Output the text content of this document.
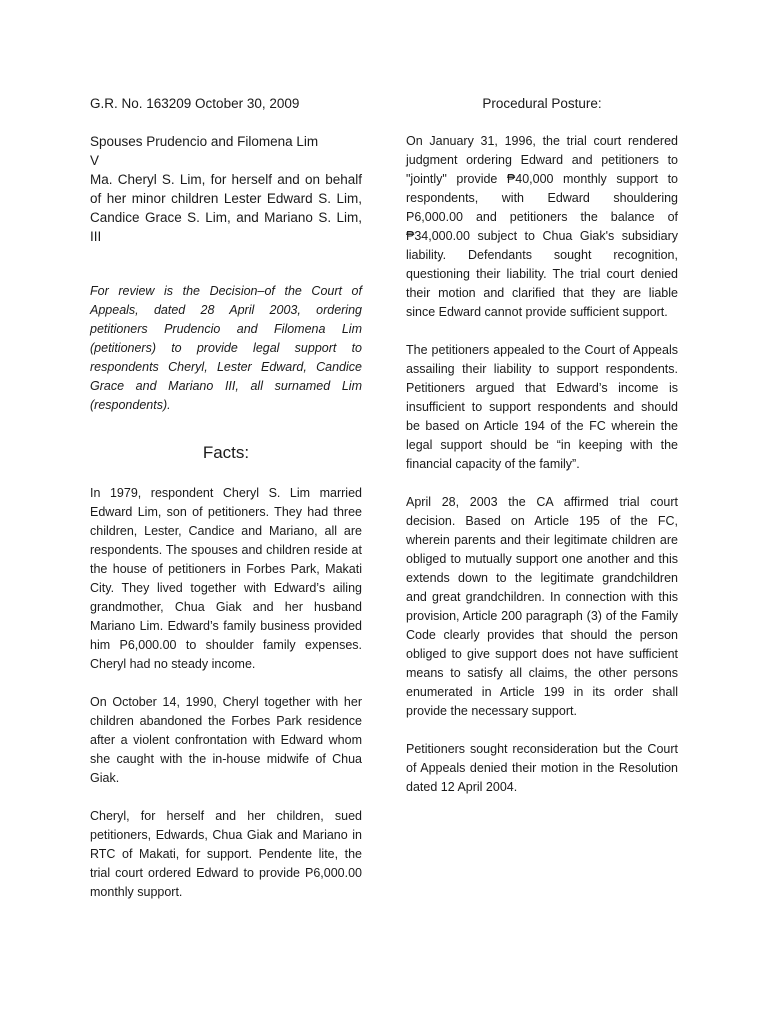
G.R. No. 163209 October 30, 2009

Spouses Prudencio and Filomena Lim
V
Ma. Cheryl S. Lim, for herself and on behalf of her minor children Lester Edward S. Lim, Candice Grace S. Lim, and Mariano S. Lim, III

For review is the Decision–of the Court of Appeals, dated 28 April 2003, ordering petitioners Prudencio and Filomena Lim (petitioners) to provide legal support to respondents Cheryl, Lester Edward, Candice Grace and Mariano III, all surnamed Lim (respondents).

Facts:

In 1979, respondent Cheryl S. Lim married Edward Lim, son of petitioners. They had three children, Lester, Candice and Mariano, all are respondents. The spouses and children reside at the house of petitioners in Forbes Park, Makati City. They lived together with Edward’s ailing grandmother, Chua Giak and her husband Mariano Lim. Edward’s family business provided him P6,000.00 to shoulder family expenses. Cheryl had no steady income.

On October 14, 1990, Cheryl together with her children abandoned the Forbes Park residence after a violent confrontation with Edward whom she caught with the in-house midwife of Chua Giak.

Cheryl, for herself and her children, sued petitioners, Edwards, Chua Giak and Mariano in RTC of Makati, for support. Pendente lite, the trial court ordered Edward to provide P6,000.00 monthly support.

Procedural Posture:

On January 31, 1996, the trial court rendered judgment ordering Edward and petitioners to "jointly" provide ₱40,000 monthly support to respondents, with Edward shouldering P6,000.00 and petitioners the balance of ₱34,000.00 subject to Chua Giak's subsidiary liability. Defendants sought recognition, questioning their liability. The trial court denied their motion and clarified that they are liable since Edward cannot provide sufficient support.

The petitioners appealed to the Court of Appeals assailing their liability to support respondents. Petitioners argued that Edward’s income is insufficient to support respondents and should be based on Article 194 of the FC wherein the legal support should be “in keeping with the financial capacity of the family”.

April 28, 2003 the CA affirmed trial court decision. Based on Article 195 of the FC, wherein parents and their legitimate children are obliged to mutually support one another and this extends down to the legitimate grandchildren and great grandchildren. In connection with this provision, Article 200 paragraph (3) of the Family Code clearly provides that should the person obliged to give support does not have sufficient means to satisfy all claims, the other persons enumerated in Article 199 in its order shall provide the necessary support.

Petitioners sought reconsideration but the Court of Appeals denied their motion in the Resolution dated 12 April 2004.
